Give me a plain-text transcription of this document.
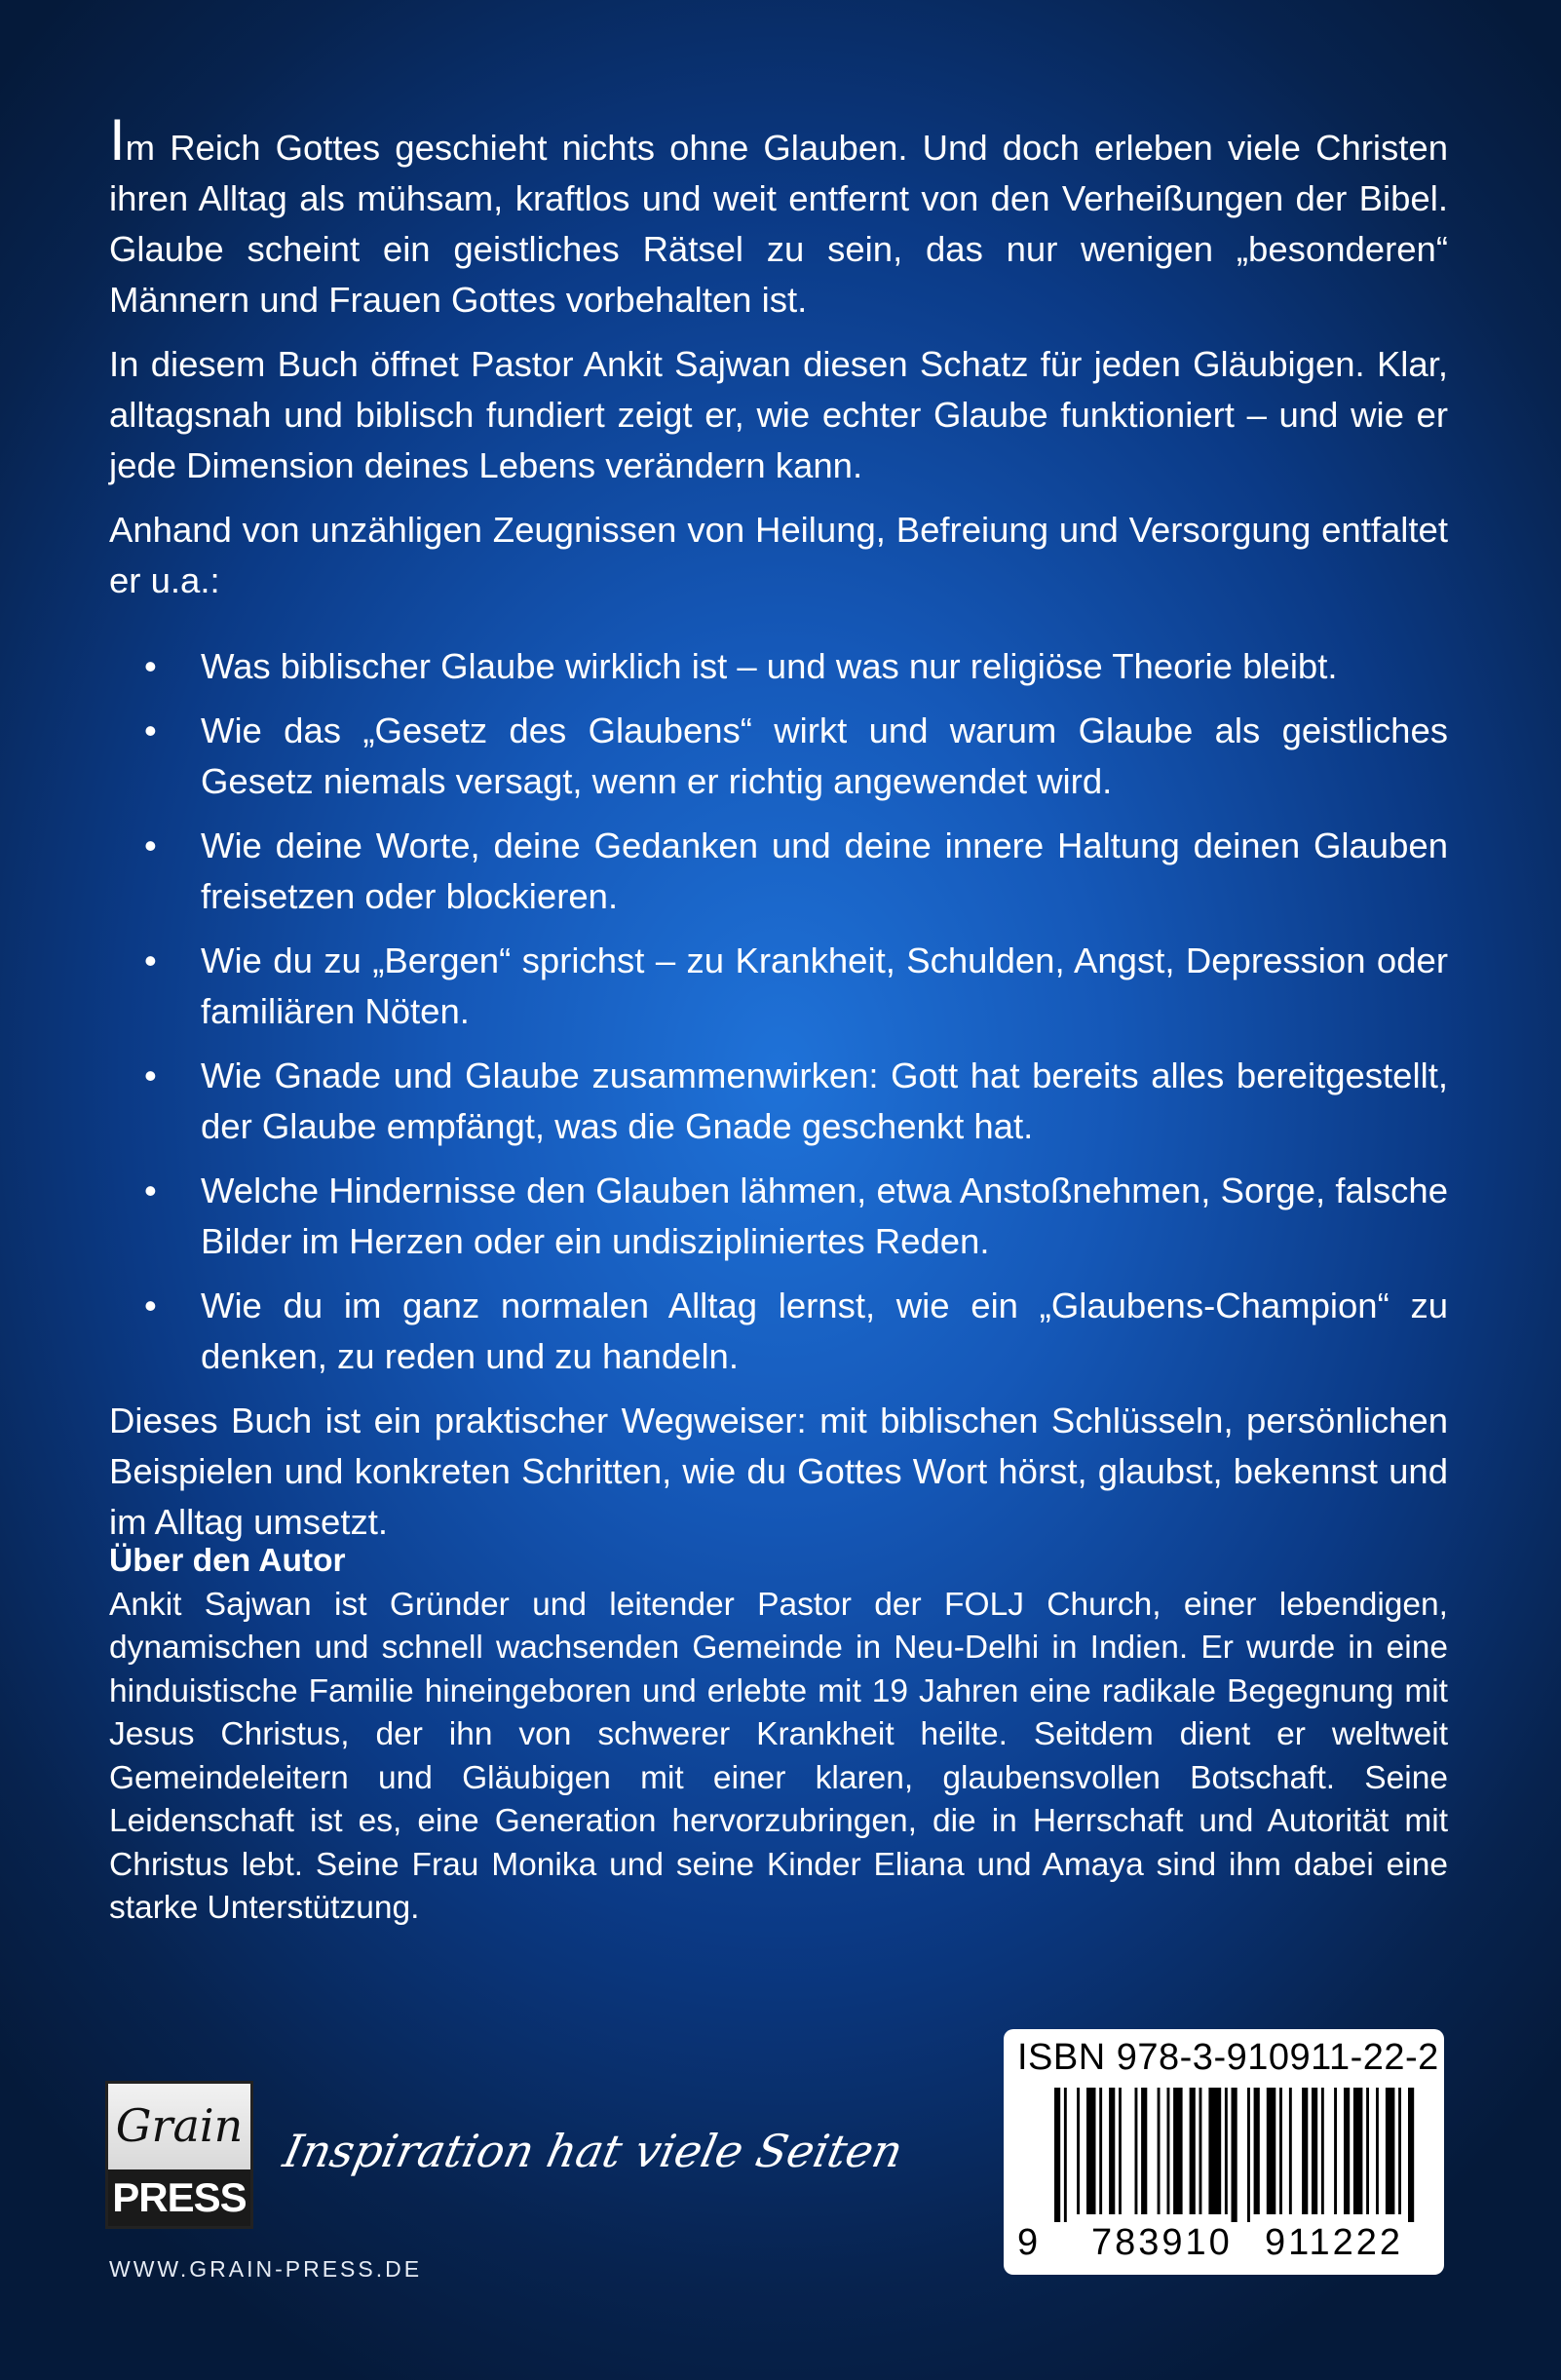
Im Reich Gottes geschieht nichts ohne Glauben. Und doch erleben viele Christen ihren Alltag als mühsam, kraftlos und weit entfernt von den Verheißungen der Bibel. Glaube scheint ein geistliches Rätsel zu sein, das nur wenigen „besonderen“ Männern und Frauen Gottes vorbehalten ist.

In diesem Buch öffnet Pastor Ankit Sajwan diesen Schatz für jeden Gläubigen. Klar, alltagsnah und biblisch fundiert zeigt er, wie echter Glaube funktioniert – und wie er jede Dimension deines Lebens verändern kann.

Anhand von unzähligen Zeugnissen von Heilung, Befreiung und Versorgung entfaltet er u.a.:

• Was biblischer Glaube wirklich ist – und was nur religiöse Theorie bleibt.
• Wie das „Gesetz des Glaubens“ wirkt und warum Glaube als geistliches Gesetz niemals versagt, wenn er richtig angewendet wird.
• Wie deine Worte, deine Gedanken und deine innere Haltung deinen Glauben freisetzen oder blockieren.
• Wie du zu „Bergen“ sprichst – zu Krankheit, Schulden, Angst, Depression oder familiären Nöten.
• Wie Gnade und Glaube zusammenwirken: Gott hat bereits alles bereitgestellt, der Glaube empfängt, was die Gnade geschenkt hat.
• Welche Hindernisse den Glauben lähmen, etwa Anstoßnehmen, Sorge, falsche Bilder im Herzen oder ein undiszipliniertes Reden.
• Wie du im ganz normalen Alltag lernst, wie ein „Glaubens-Champion“ zu denken, zu reden und zu handeln.

Dieses Buch ist ein praktischer Wegweiser: mit biblischen Schlüsseln, persönlichen Beispielen und konkreten Schritten, wie du Gottes Wort hörst, glaubst, bekennst und im Alltag umsetzt.

Über den Autor

Ankit Sajwan ist Gründer und leitender Pastor der FOLJ Church, einer lebendigen, dynamischen und schnell wachsenden Gemeinde in Neu-Delhi in Indien. Er wurde in eine hinduistische Familie hineingeboren und erlebte mit 19 Jahren eine radikale Begegnung mit Jesus Christus, der ihn von schwerer Krankheit heilte. Seitdem dient er weltweit Gemeindeleitern und Gläubigen mit einer klaren, glaubensvollen Botschaft. Seine Leidenschaft ist es, eine Generation hervorzubringen, die in Herrschaft und Autorität mit Christus lebt. Seine Frau Monika und seine Kinder Eliana und Amaya sind ihm dabei eine starke Unterstützung.

Grain
PRESS
Inspiration hat viele Seiten
WWW.GRAIN-PRESS.DE
ISBN 978-3-910911-22-2
9 783910 911222
